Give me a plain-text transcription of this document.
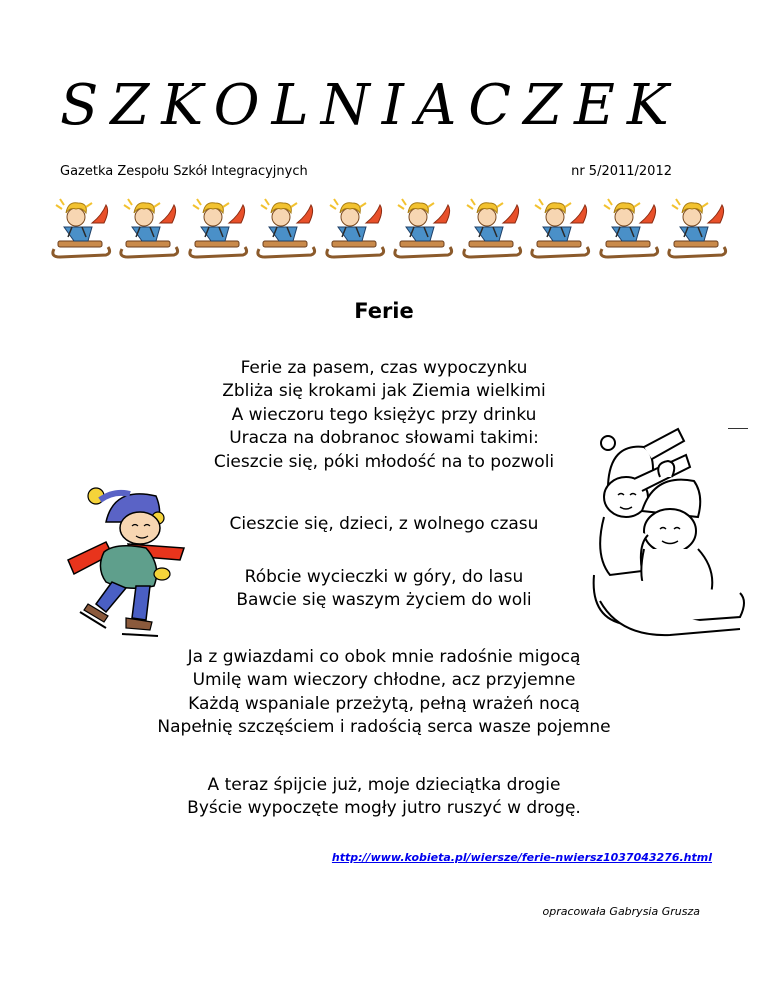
SZKOLNIACZEK
Gazetka Zespołu Szkół Integracyjnych	nr 5/2011/2012
Ferie
Ferie za pasem, czas wypoczynku
Zbliża się krokami jak Ziemia wielkimi
A wieczoru tego księżyc przy drinku
Uracza na dobranoc słowami takimi:
Cieszcie się, póki młodość na to pozwoli
Cieszcie się, dzieci, z wolnego czasu
Róbcie wycieczki w góry, do lasu
Bawcie się waszym życiem do woli
Ja z gwiazdami co obok mnie radośnie migocą
Umilę wam wieczory chłodne, acz przyjemne
Każdą wspaniale przeżytą, pełną wrażeń nocą
Napełnię szczęściem i radością serca wasze pojemne
A teraz śpijcie już, moje dzieciątka drogie
Byście wypoczęte mogły jutro ruszyć w drogę.
http://www.kobieta.pl/wiersze/ferie-nwiersz1037043276.html
opracowała Gabrysia Grusza
